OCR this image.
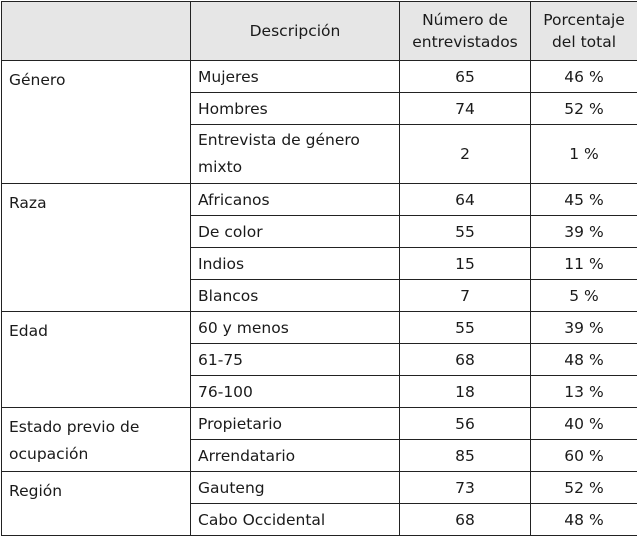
	Descripción	Número de entrevistados	Porcentaje del total
Género	Mujeres	65	46 %
	Hombres	74	52 %
	Entrevista de género mixto	2	1 %
Raza	Africanos	64	45 %
	De color	55	39 %
	Indios	15	11 %
	Blancos	7	5 %
Edad	60 y menos	55	39 %
	61-75	68	48 %
	76-100	18	13 %
Estado previo de ocupación	Propietario	56	40 %
	Arrendatario	85	60 %
Región	Gauteng	73	52 %
	Cabo Occidental	68	48 %
